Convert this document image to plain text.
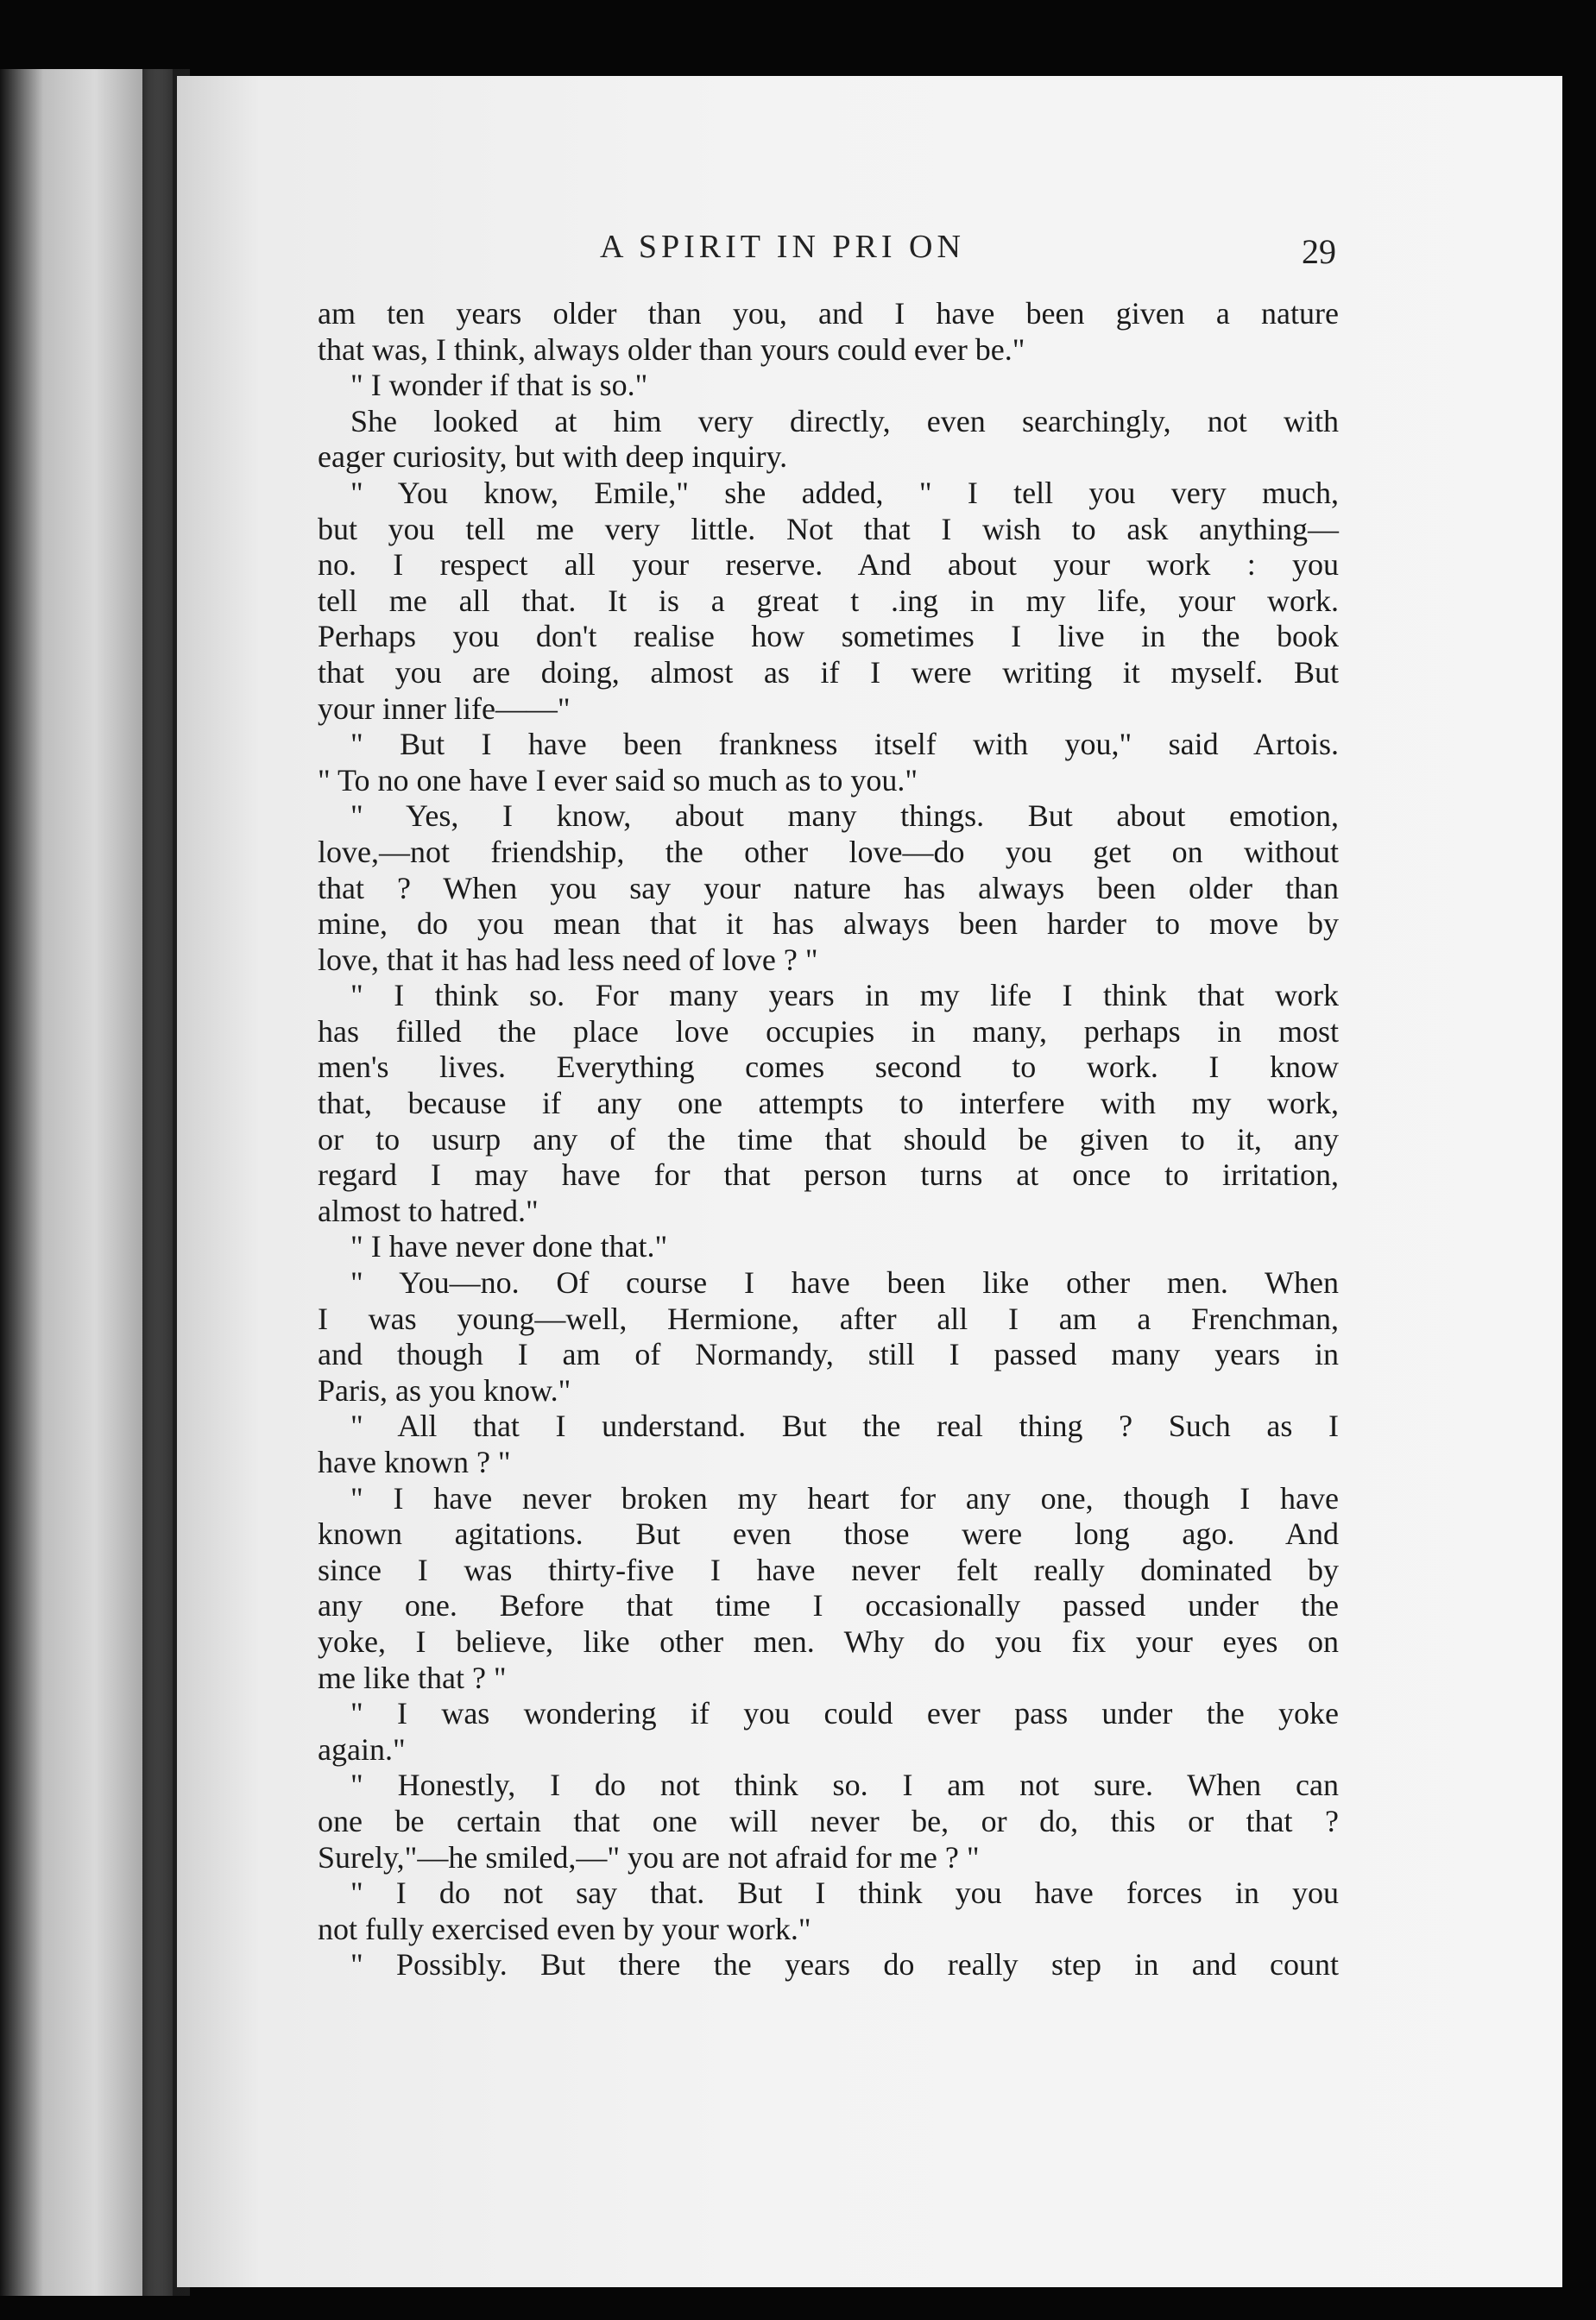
A SPIRIT IN PRI ON	29
am ten years older than you, and I have been given a nature
that was, I think, always older than yours could ever be."
" I wonder if that is so."
She looked at him very directly, even searchingly, not with
eager curiosity, but with deep inquiry.
" You know, Emile," she added, " I tell you very much,
but you tell me very little. Not that I wish to ask anything—
no. I respect all your reserve. And about your work : you
tell me all that. It is a great t .ing in my life, your work.
Perhaps you don't realise how sometimes I live in the book
that you are doing, almost as if I were writing it myself. But
your inner life——"
" But I have been frankness itself with you," said Artois.
" To no one have I ever said so much as to you."
" Yes, I know, about many things. But about emotion,
love,—not friendship, the other love—do you get on without
that ? When you say your nature has always been older than
mine, do you mean that it has always been harder to move by
love, that it has had less need of love ? "
" I think so. For many years in my life I think that work
has filled the place love occupies in many, perhaps in most
men's lives. Everything comes second to work. I know
that, because if any one attempts to interfere with my work,
or to usurp any of the time that should be given to it, any
regard I may have for that person turns at once to irritation,
almost to hatred."
" I have never done that."
" You—no. Of course I have been like other men. When
I was young—well, Hermione, after all I am a Frenchman,
and though I am of Normandy, still I passed many years in
Paris, as you know."
" All that I understand. But the real thing ? Such as I
have known ? "
" I have never broken my heart for any one, though I have
known agitations. But even those were long ago. And
since I was thirty-five I have never felt really dominated by
any one. Before that time I occasionally passed under the
yoke, I believe, like other men. Why do you fix your eyes on
me like that ? "
" I was wondering if you could ever pass under the yoke
again."
" Honestly, I do not think so. I am not sure. When can
one be certain that one will never be, or do, this or that ?
Surely,"—he smiled,—" you are not afraid for me ? "
" I do not say that. But I think you have forces in you
not fully exercised even by your work."
" Possibly. But there the years do really step in and count
